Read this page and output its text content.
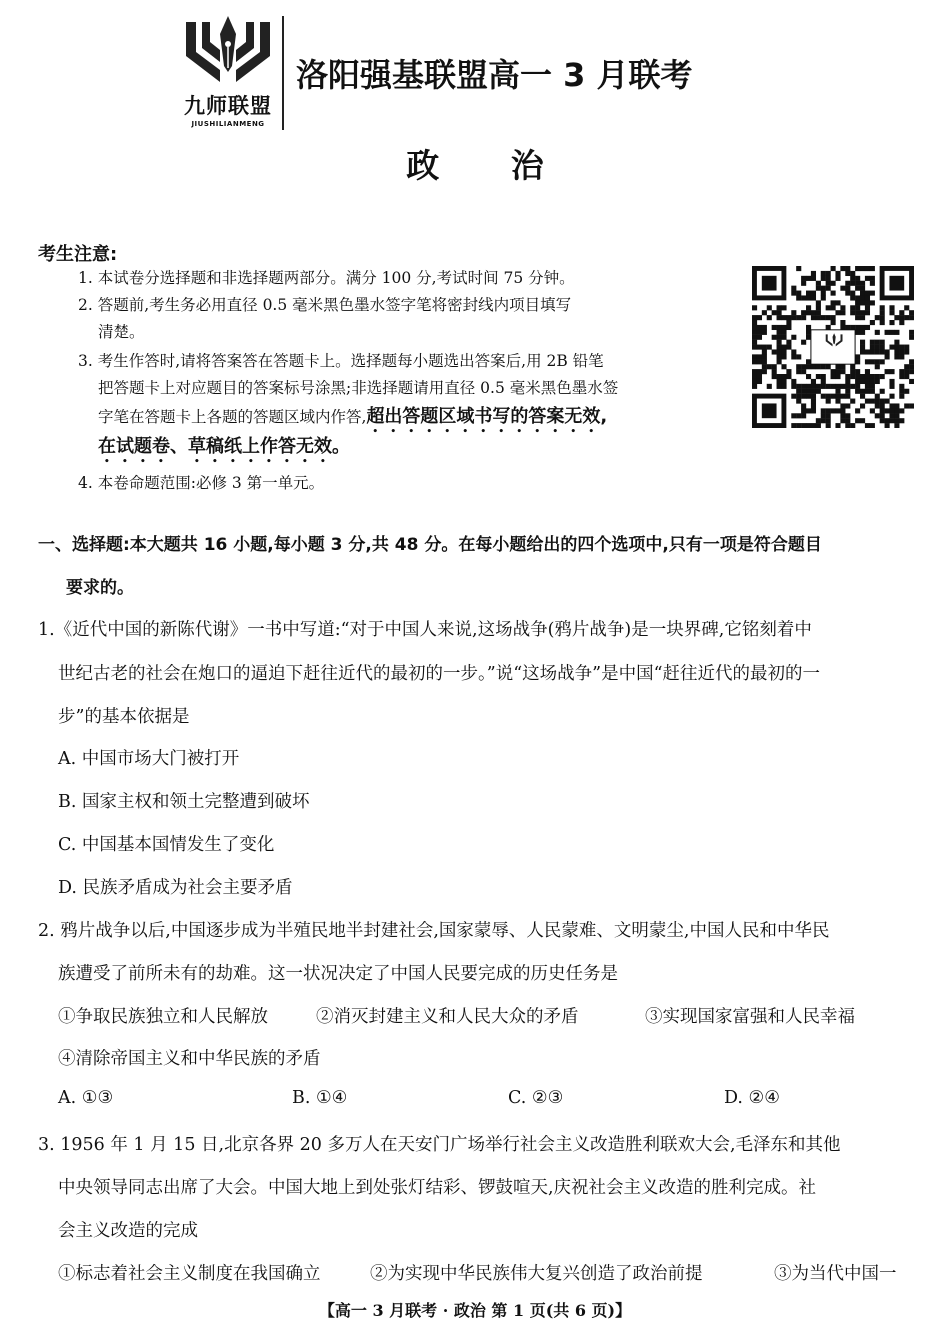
九师联盟
JIUSHILIANMENG
洛阳强基联盟高一 3 月联考
政 治
考生注意:
1. 本试卷分选择题和非选择题两部分。满分 100 分,考试时间 75 分钟。
2. 答题前,考生务必用直径 0.5 毫米黑色墨水签字笔将密封线内项目填写
清楚。
3. 考生作答时,请将答案答在答题卡上。选择题每小题选出答案后,用 2B 铅笔
把答题卡上对应题目的答案标号涂黑;非选择题请用直径 0.5 毫米黑色墨水签
字笔在答题卡上各题的答题区域内作答,超出答题区域书写的答案无效,
在试题卷、草稿纸上作答无效。
4. 本卷命题范围:必修 3 第一单元。
一、选择题:本大题共 16 小题,每小题 3 分,共 48 分。在每小题给出的四个选项中,只有一项是符合题目
要求的。
1.《近代中国的新陈代谢》一书中写道:“对于中国人来说,这场战争(鸦片战争)是一块界碑,它铭刻着中
世纪古老的社会在炮口的逼迫下赶往近代的最初的一步。”说“这场战争”是中国“赶往近代的最初的一
步”的基本依据是
A. 中国市场大门被打开
B. 国家主权和领土完整遭到破坏
C. 中国基本国情发生了变化
D. 民族矛盾成为社会主要矛盾
2. 鸦片战争以后,中国逐步成为半殖民地半封建社会,国家蒙辱、人民蒙难、文明蒙尘,中国人民和中华民
族遭受了前所未有的劫难。这一状况决定了中国人民要完成的历史任务是
①争取民族独立和人民解放	②消灭封建主义和人民大众的矛盾	③实现国家富强和人民幸福
④清除帝国主义和中华民族的矛盾
A. ①③	B. ①④	C. ②③	D. ②④
3. 1956 年 1 月 15 日,北京各界 20 多万人在天安门广场举行社会主义改造胜利联欢大会,毛泽东和其他
中央领导同志出席了大会。中国大地上到处张灯结彩、锣鼓喧天,庆祝社会主义改造的胜利完成。社
会主义改造的完成
①标志着社会主义制度在我国确立	②为实现中华民族伟大复兴创造了政治前提	③为当代中国一
【高一 3 月联考 · 政治 第 1 页(共 6 页)】
